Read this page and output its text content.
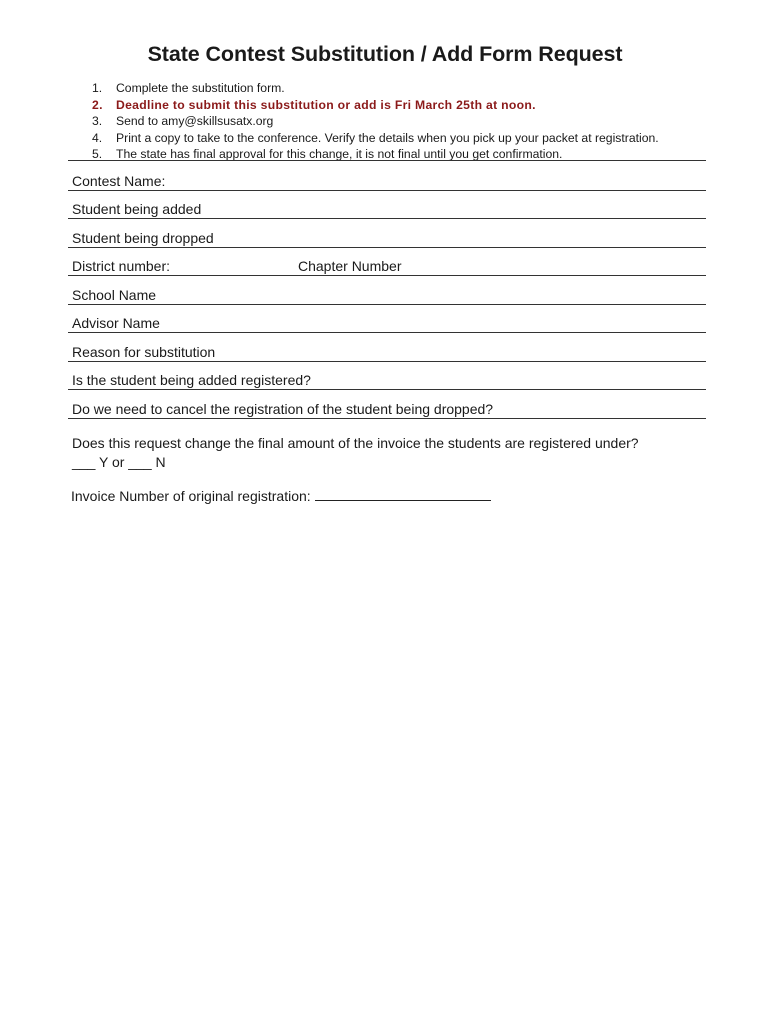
State Contest Substitution / Add Form Request
1. Complete the substitution form.
2. Deadline to submit this substitution or add is Fri March 25th at noon.
3. Send to amy@skillsusatx.org
4. Print a copy to take to the conference. Verify the details when you pick up your packet at registration.
5. The state has final approval for this change, it is not final until you get confirmation.
Contest Name:
Student being added
Student being dropped
District number:	Chapter Number
School Name
Advisor Name
Reason for substitution
Is the student being added registered?
Do we need to cancel the registration of the student being dropped?
Does this request change the final amount of the invoice the students are registered under?
___ Y or ___ N
Invoice Number of original registration:
